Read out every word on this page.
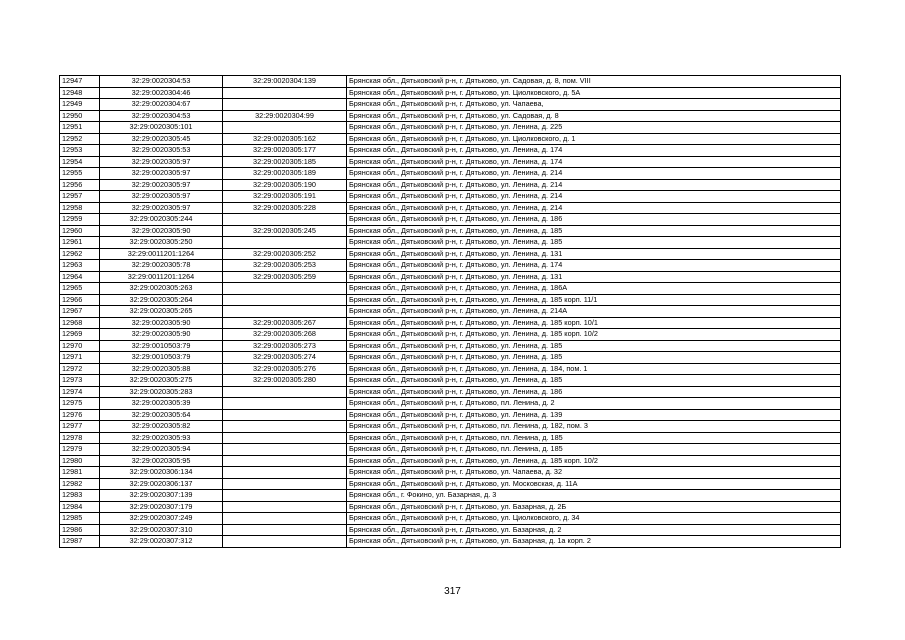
12947	32:29:0020304:53	32:29:0020304:139	Брянская обл., Дятьковский р-н, г. Дятьково, ул. Садовая, д. 8, пом. VIII
12948	32:29:0020304:46		Брянская обл., Дятьковский р-н, г. Дятьково, ул. Циолковского, д. 5А
12949	32:29:0020304:67		Брянская обл., Дятьковский р-н, г. Дятьково, ул. Чапаева,
12950	32:29:0020304:53	32:29:0020304:99	Брянская обл., Дятьковский р-н, г. Дятьково, ул. Садовая, д. 8
12951	32:29:0020305:101		Брянская обл., Дятьковский р-н, г. Дятьково, ул. Ленина, д. 225
12952	32:29:0020305:45	32:29:0020305:162	Брянская обл., Дятьковский р-н, г. Дятьково, ул. Циолковского, д. 1
12953	32:29:0020305:53	32:29:0020305:177	Брянская обл., Дятьковский р-н, г. Дятьково, ул. Ленина, д. 174
12954	32:29:0020305:97	32:29:0020305:185	Брянская обл., Дятьковский р-н, г. Дятьково, ул. Ленина, д. 174
12955	32:29:0020305:97	32:29:0020305:189	Брянская обл., Дятьковский р-н, г. Дятьково, ул. Ленина, д. 214
12956	32:29:0020305:97	32:29:0020305:190	Брянская обл., Дятьковский р-н, г. Дятьково, ул. Ленина, д. 214
12957	32:29:0020305:97	32:29:0020305:191	Брянская обл., Дятьковский р-н, г. Дятьково, ул. Ленина, д. 214
12958	32:29:0020305:97	32:29:0020305:228	Брянская обл., Дятьковский р-н, г. Дятьково, ул. Ленина, д. 214
12959	32:29:0020305:244		Брянская обл., Дятьковский р-н, г. Дятьково, ул. Ленина, д. 186
12960	32:29:0020305:90	32:29:0020305:245	Брянская обл., Дятьковский р-н, г. Дятьково, ул. Ленина, д. 185
12961	32:29:0020305:250		Брянская обл., Дятьковский р-н, г. Дятьково, ул. Ленина, д. 185
12962	32:29:0011201:1264	32:29:0020305:252	Брянская обл., Дятьковский р-н, г. Дятьково, ул. Ленина, д. 131
12963	32:29:0020305:78	32:29:0020305:253	Брянская обл., Дятьковский р-н, г. Дятьково, ул. Ленина, д. 174
12964	32:29:0011201:1264	32:29:0020305:259	Брянская обл., Дятьковский р-н, г. Дятьково, ул. Ленина, д. 131
12965	32:29:0020305:263		Брянская обл., Дятьковский р-н, г. Дятьково, ул. Ленина, д. 186А
12966	32:29:0020305:264		Брянская обл., Дятьковский р-н, г. Дятьково, ул. Ленина, д. 185 корп. 11/1
12967	32:29:0020305:265		Брянская обл., Дятьковский р-н, г. Дятьково, ул. Ленина, д. 214А
12968	32:29:0020305:90	32:29:0020305:267	Брянская обл., Дятьковский р-н, г. Дятьково, ул. Ленина, д. 185 корп. 10/1
12969	32:29:0020305:90	32:29:0020305:268	Брянская обл., Дятьковский р-н, г. Дятьково, ул. Ленина, д. 185 корп. 10/2
12970	32:29:0010503:79	32:29:0020305:273	Брянская обл., Дятьковский р-н, г. Дятьково, ул. Ленина, д. 185
12971	32:29:0010503:79	32:29:0020305:274	Брянская обл., Дятьковский р-н, г. Дятьково, ул. Ленина, д. 185
12972	32:29:0020305:88	32:29:0020305:276	Брянская обл., Дятьковский р-н, г. Дятьково, ул. Ленина, д. 184, пом. 1
12973	32:29:0020305:275	32:29:0020305:280	Брянская обл., Дятьковский р-н, г. Дятьково, ул. Ленина, д. 185
12974	32:29:0020305:283		Брянская обл., Дятьковский р-н, г. Дятьково, ул. Ленина, д. 186
12975	32:29:0020305:39		Брянская обл., Дятьковский р-н, г. Дятьково, пл. Ленина, д. 2
12976	32:29:0020305:64		Брянская обл., Дятьковский р-н, г. Дятьково, ул. Ленина, д. 139
12977	32:29:0020305:82		Брянская обл., Дятьковский р-н, г. Дятьково, пл. Ленина, д. 182, пом. 3
12978	32:29:0020305:93		Брянская обл., Дятьковский р-н, г. Дятьково, пл. Ленина, д. 185
12979	32:29:0020305:94		Брянская обл., Дятьковский р-н, г. Дятьково, пл. Ленина, д. 185
12980	32:29:0020305:95		Брянская обл., Дятьковский р-н, г. Дятьково, ул. Ленина, д. 185 корп. 10/2
12981	32:29:0020306:134		Брянская обл., Дятьковский р-н, г. Дятьково, ул. Чапаева, д. 32
12982	32:29:0020306:137		Брянская обл., Дятьковский р-н, г. Дятьково, ул. Московская, д. 11А
12983	32:29:0020307:139		Брянская обл., г. Фокино, ул. Базарная, д. 3
12984	32:29:0020307:179		Брянская обл., Дятьковский р-н, г. Дятьково, ул. Базарная, д. 2Б
12985	32:29:0020307:249		Брянская обл., Дятьковский р-н, г. Дятьково, ул. Циолковского, д. 34
12986	32:29:0020307:310		Брянская обл., Дятьковский р-н, г. Дятьково, ул. Базарная, д. 2
12987	32:29:0020307:312		Брянская обл., Дятьковский р-н, г. Дятьково, ул. Базарная, д. 1а корп. 2
317
